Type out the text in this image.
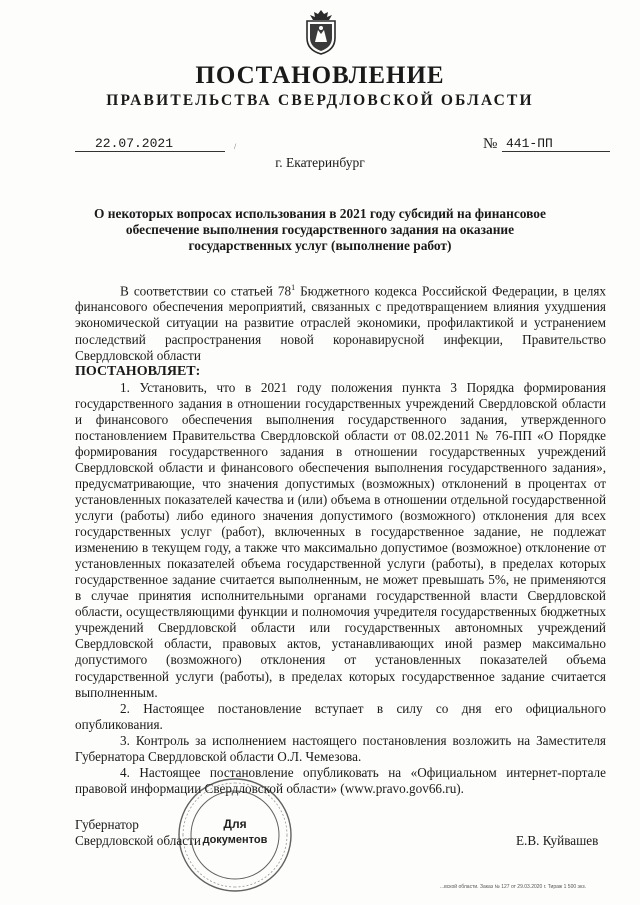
ПОСТАНОВЛЕНИЕ
ПРАВИТЕЛЬСТВА СВЕРДЛОВСКОЙ ОБЛАСТИ
22.07.2021	/	№ 441-ПП
г. Екатеринбург
О некоторых вопросах использования в 2021 году субсидий на финансовое
обеспечение выполнения государственного задания на оказание
государственных услуг (выполнение работ)

В соответствии со статьей $78^1$ Бюджетного кодекса Российской Федерации, в целях финансового обеспечения мероприятий, связанных с предотвращением влияния ухудшения экономической ситуации на развитие отраслей экономики, профилактикой и устранением последствий распространения новой коронавирусной инфекции, Правительство Свердловской области

ПОСТАНОВЛЯЕТ:

1. Установить, что в 2021 году положения пункта 3 Порядка формирования государственного задания в отношении государственных учреждений Свердловской области и финансового обеспечения выполнения государственного задания, утвержденного постановлением Правительства Свердловской области от 08.02.2011 № 76-ПП «О Порядке формирования государственного задания в отношении государственных учреждений Свердловской области и финансового обеспечения выполнения государственного задания», предусматривающие, что значения допустимых (возможных) отклонений в процентах от установленных показателей качества и (или) объема в отношении отдельной государственной услуги (работы) либо единого значения допустимого (возможного) отклонения для всех государственных услуг (работ), включенных в государственное задание, не подлежат изменению в текущем году, а также что максимально допустимое (возможное) отклонение от установленных показателей объема государственной услуги (работы), в пределах которых государственное задание считается выполненным, не может превышать 5%, не применяются в случае принятия исполнительными органами государственной власти Свердловской области, осуществляющими функции и полномочия учредителя государственных бюджетных учреждений Свердловской области или государственных автономных учреждений Свердловской области, правовых актов, устанавливающих иной размер максимально допустимого (возможного) отклонения от установленных показателей объема государственной услуги (работы), в пределах которых государственное задание считается выполненным.

2. Настоящее постановление вступает в силу со дня его официального опубликования.

3. Контроль за исполнением настоящего постановления возложить на Заместителя Губернатора Свердловской области О.Л. Чемезова.

4. Настоящее постановление опубликовать на «Официальном интернет-портале правовой информации Свердловской области» (www.pravo.gov66.ru).

Губернатор
Свердловской области	Е.В. Куйвашев
Для
документов
...вской области. Заказ № 127 от 29.03.2020 г. Тираж 1 500 экз.
